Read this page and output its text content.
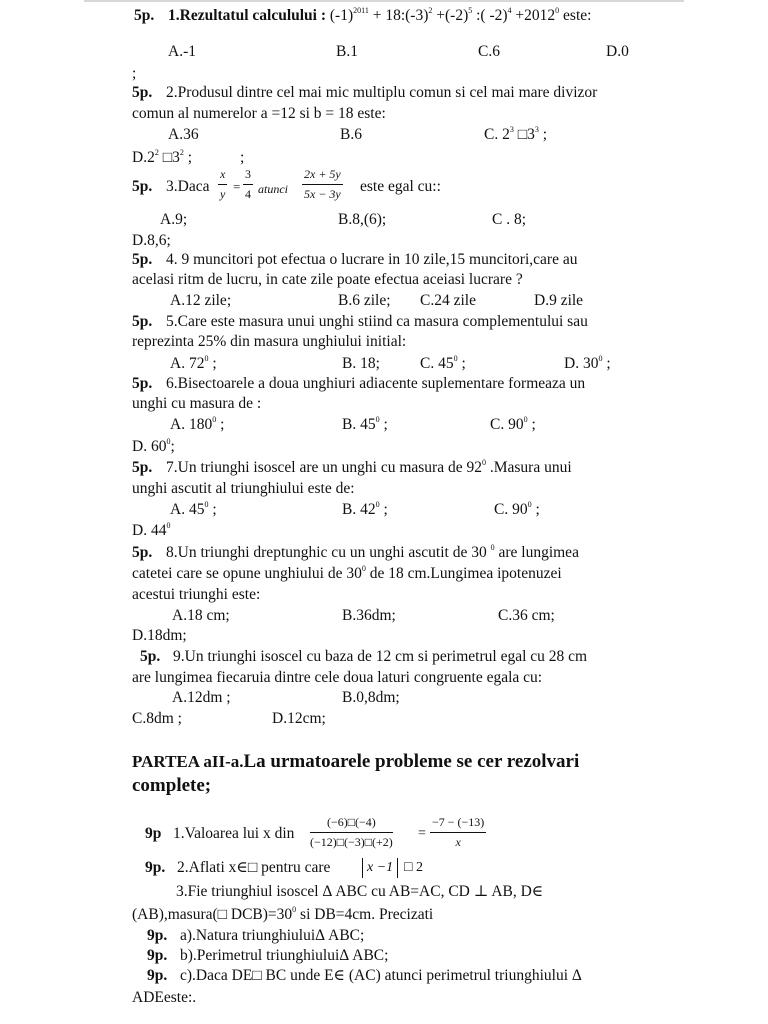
5p. 1.Rezultatul calculului : $(-1)^{2011}$ + $18:(-3)^2 +(-2)^5$ :( $-2)^4 +2012^0$ este:
A.-1	B.1	C.6	D.0
;
5p. 2.Produsul dintre cel mai mic multiplu comun si cel mai mare divizor
comun al numerelor a =12 si b = 18 este:
A.36	B.6	C. $2^3$ $□3^3$ ;
$D.2^2$ $□3^2$ ;	;
5p. 3.Daca $\frac{x}{y} = \frac{3}{4}$ atunci $\frac{2x + 5y}{5x - 3y}$ este egal cu::
A.9;	B.8,(6);	C . 8;
D.8,6;
5p. 4. 9 muncitori pot efectua o lucrare in 10 zile,15 muncitori,care au
acelasi ritm de lucru, in cate zile poate efectua aceiasi lucrare ?
A.12 zile;	B.6 zile; C.24 zile	D.9 zile
5p. 5.Care este masura unui unghi stiind ca masura complementului sau
reprezinta 25% din masura unghiului initial:
A. $72^0$ ;	B. 18;	C. $45^0$ ;	D. $30^0$ ;
5p. 6.Bisectoarele a doua unghiuri adiacente suplementare formeaza un
unghi cu masura de :
A. $180^0$ ;	B. $45^0$ ;	C. $90^0$ ;
D. $60^0$;
5p. 7.Un triunghi isoscel are un unghi cu masura de $92^0$ .Masura unui
unghi ascutit al triunghiului este de:
A. $45^0$ ;	B. $42^0$ ;	C. $90^0$ ;
D. $44^0$
5p. 8.Un triunghi dreptunghic cu un unghi ascutit de 30 $^0$ are lungimea
catetei care se opune unghiului de $30^0$ de 18 cm.Lungimea ipotenuzei
acestui triunghi este:
A.18 cm;	B.36dm;	C.36 cm;
D.18dm;
5p. 9.Un triunghi isoscel cu baza de 12 cm si perimetrul egal cu 28 cm
are lungimea fiecaruia dintre cele doua laturi congruente egala cu:
A.12dm ;	B.0,8dm;
C.8dm ;	D.12cm;
PARTEA aII-a.La urmatoarele probleme se cer rezolvari
complete;
9p 1.Valoarea lui x din $\frac{(-6)□(-4)}{(-12)□(-3)□(+2)} = \frac{-7 - (-13)}{x}$
9p. 2.Aflati x∈□ pentru care	x −1 □ 2
3.Fie triunghiul isoscel Δ ABC cu AB=AC, CD ⊥ AB, D∈
(AB),masura(□ $DCB)=30^0$ si DB=4cm. Precizati
9p. a).Natura triunghiuluiΔ ABC;
9p. b).Perimetrul triunghiuluiΔ ABC;
9p. c).Daca DE□ BC unde E∈ (AC) atunci perimetrul triunghiului Δ
ADEeste:.
